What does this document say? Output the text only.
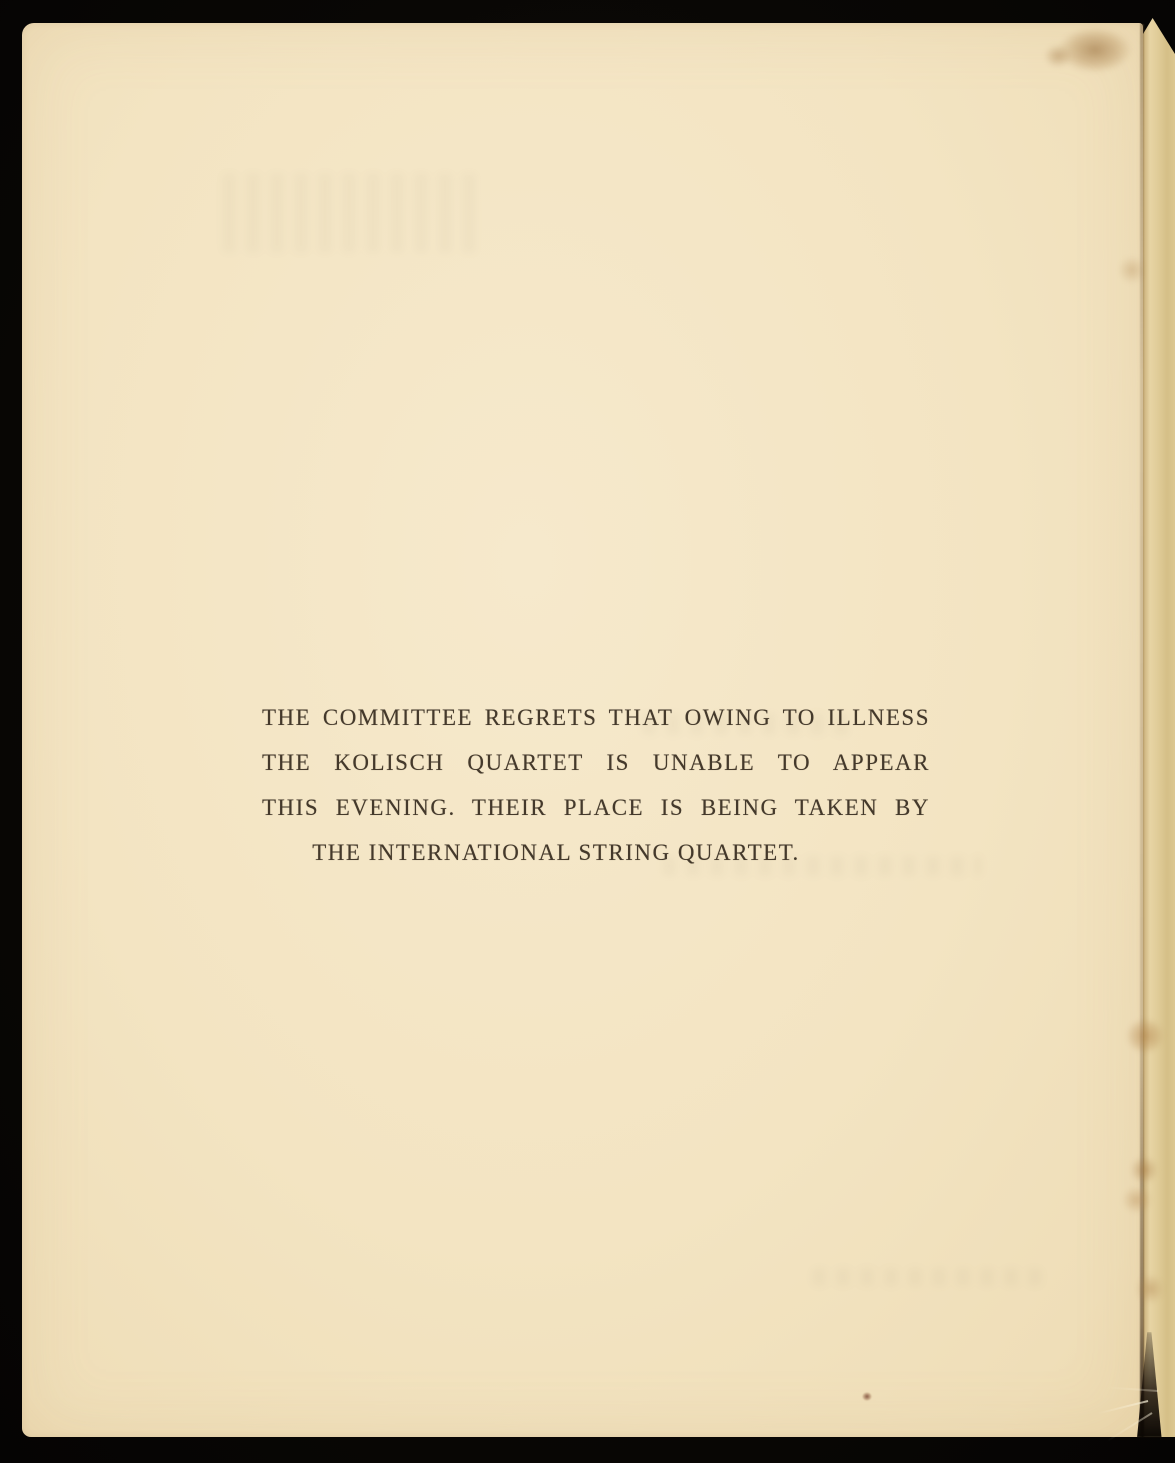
THE COMMITTEE REGRETS THAT OWING TO ILLNESS
THE KOLISCH QUARTET IS UNABLE TO APPEAR
THIS EVENING. THEIR PLACE IS BEING TAKEN BY
THE INTERNATIONAL STRING QUARTET.
